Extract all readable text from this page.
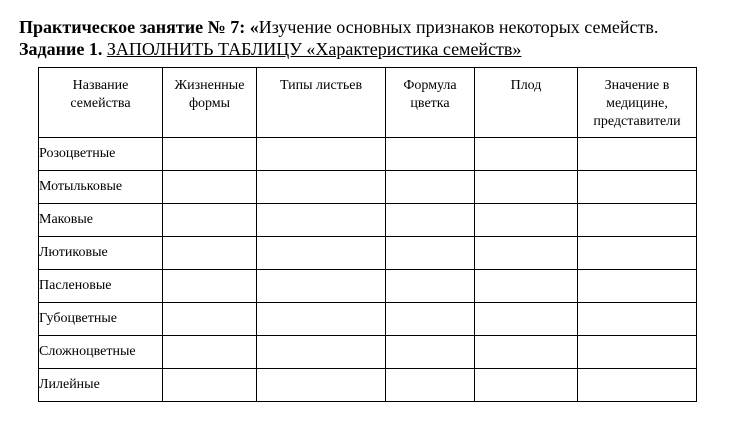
Практическое занятие № 7: «Изучение основных признаков некоторых семейств.
Задание 1. ЗАПОЛНИТЬ ТАБЛИЦУ «Характеристика семейств»
Название семейства	Жизненные формы	Типы листьев	Формула цветка	Плод	Значение в медицине, представители
Розоцветные					
Мотыльковые					
Маковые					
Лютиковые					
Пасленовые					
Губоцветные					
Сложноцветные					
Лилейные					
